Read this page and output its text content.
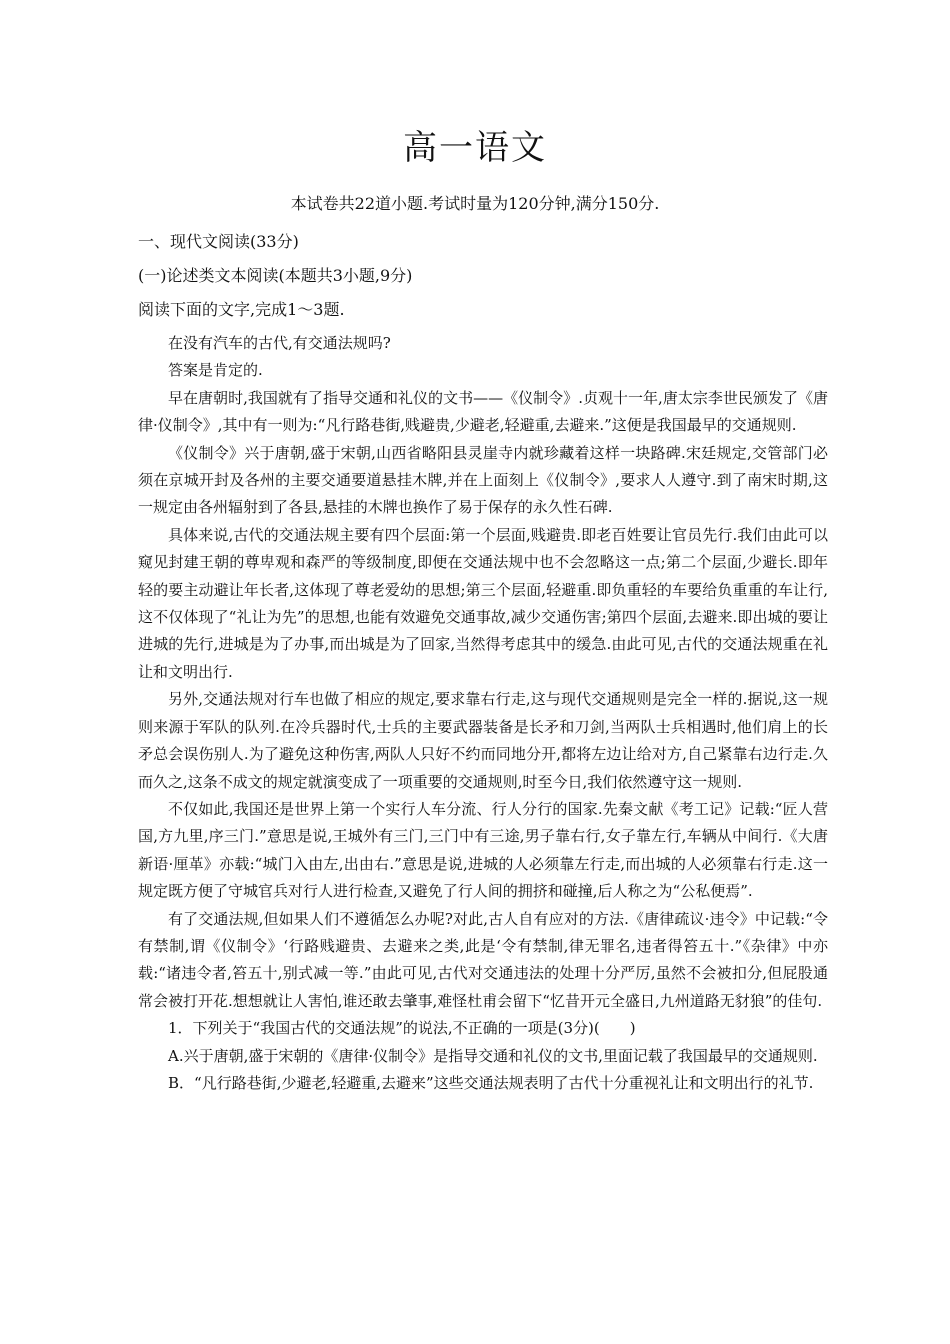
高一语文
本试卷共22道小题.考试时量为120分钟,满分150分.
一、现代文阅读(33分)
(一)论述类文本阅读(本题共3小题,9分)
阅读下面的文字,完成1～3题.

在没有汽车的古代,有交通法规吗?

答案是肯定的.

早在唐朝时,我国就有了指导交通和礼仪的文书——《仪制令》.贞观十一年,唐太宗李世民颁发了《唐律·仪制令》,其中有一则为:“凡行路巷街,贱避贵,少避老,轻避重,去避来.”这便是我国最早的交通规则.

《仪制令》兴于唐朝,盛于宋朝,山西省略阳县灵崖寺内就珍藏着这样一块路碑.宋廷规定,交管部门必须在京城开封及各州的主要交通要道悬挂木牌,并在上面刻上《仪制令》,要求人人遵守.到了南宋时期,这一规定由各州辐射到了各县,悬挂的木牌也换作了易于保存的永久性石碑.

具体来说,古代的交通法规主要有四个层面:第一个层面,贱避贵.即老百姓要让官员先行.我们由此可以窥见封建王朝的尊卑观和森严的等级制度,即便在交通法规中也不会忽略这一点;第二个层面,少避长.即年轻的要主动避让年长者,这体现了尊老爱幼的思想;第三个层面,轻避重.即负重轻的车要给负重重的车让行,这不仅体现了“礼让为先”的思想,也能有效避免交通事故,减少交通伤害;第四个层面,去避来.即出城的要让进城的先行,进城是为了办事,而出城是为了回家,当然得考虑其中的缓急.由此可见,古代的交通法规重在礼让和文明出行.

另外,交通法规对行车也做了相应的规定,要求靠右行走,这与现代交通规则是完全一样的.据说,这一规则来源于军队的队列.在冷兵器时代,士兵的主要武器装备是长矛和刀剑,当两队士兵相遇时,他们肩上的长矛总会误伤别人.为了避免这种伤害,两队人只好不约而同地分开,都将左边让给对方,自己紧靠右边行走.久而久之,这条不成文的规定就演变成了一项重要的交通规则,时至今日,我们依然遵守这一规则.

不仅如此,我国还是世界上第一个实行人车分流、行人分行的国家.先秦文献《考工记》记载:“匠人营国,方九里,序三门.”意思是说,王城外有三门,三门中有三途,男子靠右行,女子靠左行,车辆从中间行.《大唐新语·厘革》亦载:“城门入由左,出由右.”意思是说,进城的人必须靠左行走,而出城的人必须靠右行走.这一规定既方便了守城官兵对行人进行检查,又避免了行人间的拥挤和碰撞,后人称之为“公私便焉”.

有了交通法规,但如果人们不遵循怎么办呢?对此,古人自有应对的方法.《唐律疏议·违令》中记载:“令有禁制,谓《仪制令》‘行路贱避贵、去避来之类,此是‘令有禁制,律无罪名,违者得笞五十.”《杂律》中亦载:“诸违令者,笞五十,别式减一等.”由此可见,古代对交通违法的处理十分严厉,虽然不会被扣分,但屁股通常会被打开花.想想就让人害怕,谁还敢去肇事,难怪杜甫会留下“忆昔开元全盛日,九州道路无豺狼”的佳句.

1．下列关于“我国古代的交通法规”的说法,不正确的一项是(3分)(　　)

A.兴于唐朝,盛于宋朝的《唐律·仪制令》是指导交通和礼仪的文书,里面记载了我国最早的交通规则.

B．“凡行路巷街,少避老,轻避重,去避来”这些交通法规表明了古代十分重视礼让和文明出行的礼节.
